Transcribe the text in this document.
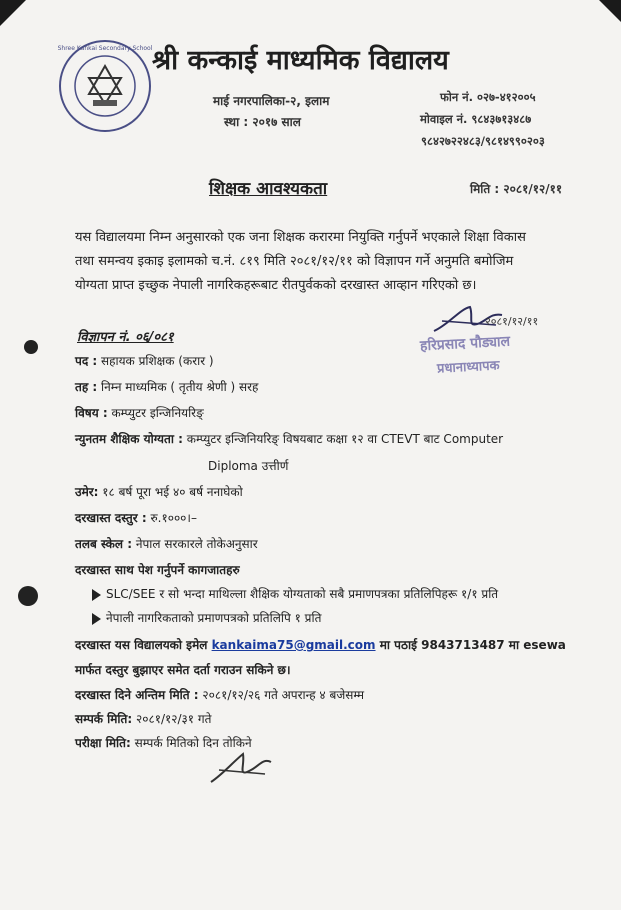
Shree Kankai Secondary School श्री कन्काई माध्यमिक विद्यालय
माई नगरपालिका-२, इलाम
स्था : २०१७ साल
फोन नं. ०२७-४१२००५
मोवाइल नं. ९८४३७१३४८७
९८४२७२२४८३/९८१४९९०२०३
शिक्षक आवश्यकता	मिति : २०८१/१२/११
यस विद्यालयमा निम्न अनुसारको एक जना शिक्षक करारमा नियुक्ति गर्नुपर्ने भएकाले शिक्षा विकास
तथा समन्वय इकाइ इलामको च.नं. ८१९ मिति २०८१/१२/११ को विज्ञापन गर्ने अनुमति बमोजिम
योग्यता प्राप्त इच्छुक नेपाली नागरिकहरूबाट रीतपुर्वकको दरखास्त आव्हान गरिएको छ।
२०८१/१२/११
हरिप्रसाद पौड्याल
प्रधानाध्यापक
विज्ञापन नं. ०६/०८१
पद : सहायक प्रशिक्षक (करार )
तह : निम्न माध्यमिक ( तृतीय श्रेणी ) सरह
विषय : कम्प्युटर इन्जिनियरिङ्
न्युनतम शैक्षिक योग्यता : कम्प्युटर इन्जिनियरिङ् विषयबाट कक्षा १२ वा CTEVT बाट Computer
Diploma उत्तीर्ण
उमेर: १८ बर्ष पूरा भई ४० बर्ष ननाघेको
दरखास्त दस्तुर : रु.१०००।–
तलब स्केल : नेपाल सरकारले तोकेअनुसार
दरखास्त साथ पेश गर्नुपर्ने कागजातहरु
SLC/SEE र सो भन्दा माथिल्ला शैक्षिक योग्यताको सबै प्रमाणपत्रका प्रतिलिपिहरू १/१ प्रति
नेपाली नागरिकताको प्रमाणपत्रको प्रतिलिपि १ प्रति
दरखास्त यस विद्यालयको इमेल kankaima75@gmail.com मा पठाई 9843713487 मा esewa
मार्फत दस्तुर बुझाएर समेत दर्ता गराउन सकिने छ।
दरखास्त दिने अन्तिम मिति : २०८१/१२/२६ गते अपरान्ह ४ बजेसम्म
सम्पर्क मिति: २०८१/१२/३१ गते
परीक्षा मिति: सम्पर्क मितिको दिन तोकिने
